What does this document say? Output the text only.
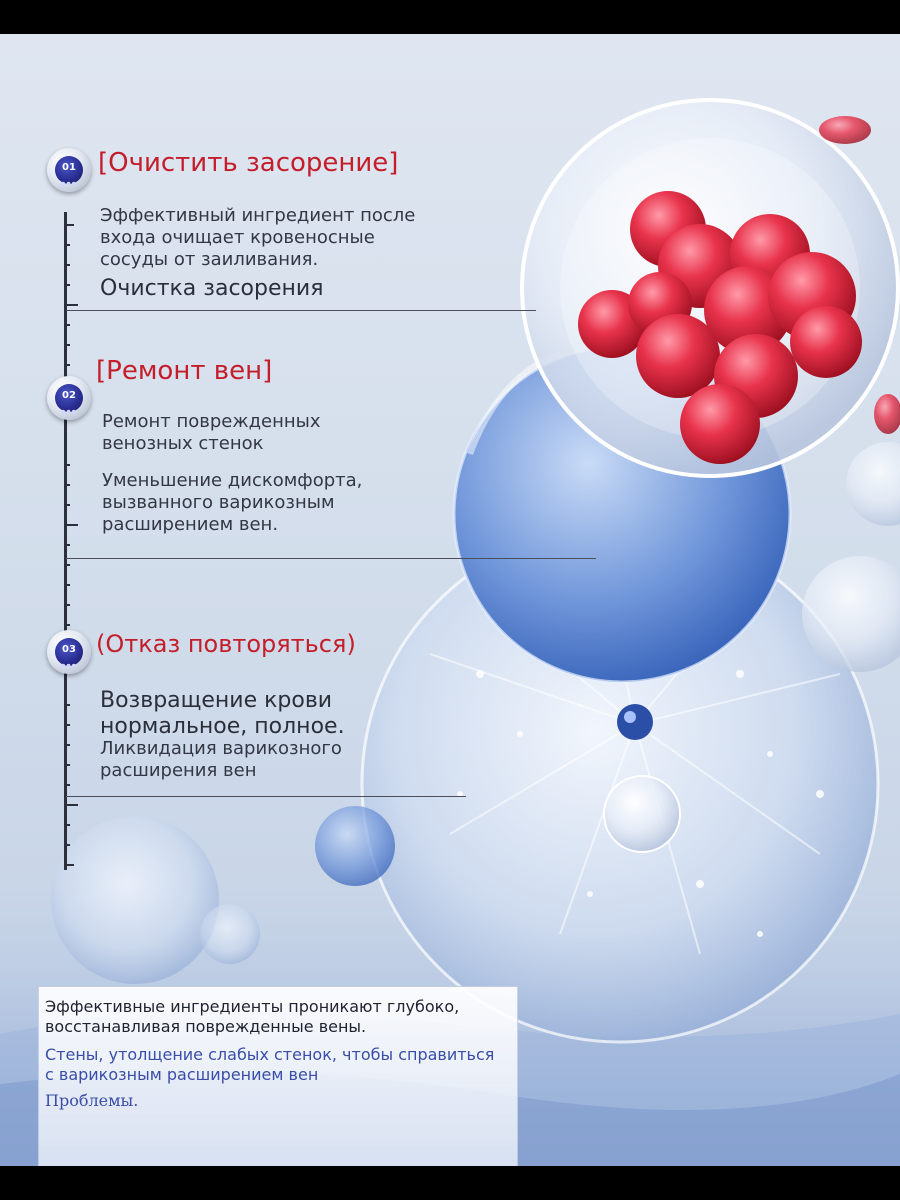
01
●●●
[Очистить засорение]
Эффективный ингредиент после
входа очищает кровеносные
сосуды от заиливания.
Очистка засорения
02
●●●
[Ремонт вен]
Ремонт поврежденных
венозных стенок
Уменьшение дискомфорта,
вызванного варикозным
расширением вен.
03
●●●
(Отказ повторяться)
Возвращение крови
нормальное, полное.
Ликвидация варикозного
расширения вен
Эффективные ингредиенты проникают глубоко,
восстанавливая поврежденные вены.
Стены, утолщение слабых стенок, чтобы справиться
с варикозным расширением вен
Проблемы.
